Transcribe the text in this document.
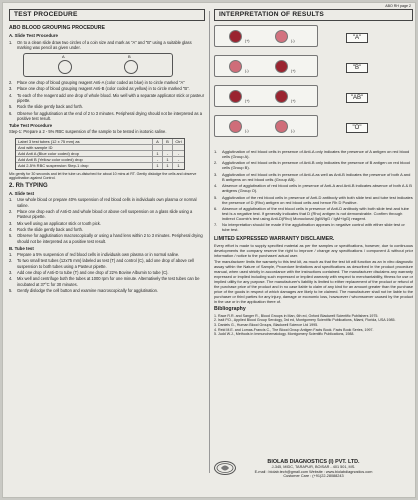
ABO RH page 2
TEST PROCEDURE
ABO BLOOD GROUPING PROCEDURE
A. Slide Test Procedure
1.	On to a clean slide draw two circles of a coin size and mark as "A" and "B" using a suitable glass marking wax pencil as given under.
A	B
2.	Place one drop of blood grouping reagent Anti-A (color coded as blue) in to circle marked "A"
3.	Place one drop of blood grouping reagent Anti-B (color coded as yellow) in to circle marked "B".
4.	To each of the reagent add one drop of whole blood. Mix well with a separate applicator stick or pasteur pipette.
5.	Rock the slide gently back and forth.
6.	Observe for agglutination at the end of 2 to 3 minutes. Peripheral drying should not be interpreted as a positive test result.
Tube Test Procedure
Step-1: Prepare a 2 - 5% RBC suspension of the sample to be tested in isotonic saline.
Label 3 test tubes (12 x 75 mm) as	A	B	Ctrl
And with sample ID
Add Anti A (Blue color coded) drop	1	-	-
Add Anti B (Yellow color coded) drop	-	1	-
Add 2-5% RBC suspension Step-1 drop	1	1	1
Mix gently for 30 seconds and let the tube un-disturbed for about 10 mins at RT. Gently dislodge the cells and observe agglutination against Control.
2. Rh TYPING
A. Slide test
1.	Use whole blood or prepare 40% suspension of red blood cells in individuals own plasma or normal saline.
2.	Place one drop each of Anti-D and whole blood or above cell suspension on a glass slide using a Pasteur pipette.
3.	Mix well using an applicator stick or tooth pick.
4.	Rock the slide gently back and forth.
5.	Observe for agglutination macroscopically or using a hand lens within 2 to 3 minutes. Peripheral drying should not be interpreted as a positive test result.
B. Tube test
1.	Prepare a 5% suspension of red blood cells in individuals own plasma or in normal saline.
2.	To two small test tubes (12x75 mm) labeled as test (T) and control (C), add one drop of above cell suspension to both tubes using a Pasteur pipette.
3.	Add one drop of Anti-D to tube (T) and one drop of 22% Bovine Albumin to tube (C).
4.	Mix well and centrifuge both the tubes at 1000 rpm for one minute. Alternatively the test tubes can be incubated at 37°C for 30 minutes.
5.	Gently dislodge the cell button and examine macroscopically for agglutination.
INTERPRETATION OF RESULTS
(+)	(-)	"A"
(-)	(+)	"B"
(+)	(+)	"AB"
(-)	(-)	"O"
1.	Agglutination of red blood cells in presence of Anti-A only indicates the presence of A antigen on red blood cells (Group A).
2.	Agglutination of red blood cells in presence of Anti-B only indicates the presence of B antigen on red blood cells (Group B).
3.	Agglutination of red blood cells in presence of Anti-A as well as Anti-B indicates the presence of both A and B antigens on red blood cells (Group AB).
4.	Absence of agglutination of red blood cells in presence of Anti-A and Anti-B indicates absence of both A & B antigens (Group O).
5.	Agglutination of the red blood cells in presence of Anti-D antibody with both slide test and tube test indicates the presence of D (Rho) antigen on red blood cells and hence Rh D Positive.
6.	Absence of agglutination of the red blood cells in presence of Anti-D antibody with both slide test and tube test is a negative test. If generally indicates that D (Rho) antigen is not demonstrable. Confirm through indirect Coomb's test using Anti-D(Rho) Monoclonal (IgM/IgG / IgM+IgG) reagent.
7.	No interpretation should be made if the agglutination appears in negative control with either slide test or tube test.
LIMITED EXPRESSED WARRANTY DISCLAIMER.
Every effort is made to supply specified material as per the samples or specifications, however, due to continuous developments the company reserve the right to improve / change any specifications / component & without prior information / notice to the purchaser/ actual user.
The manufacturer limits the warranty to this test kit, as much as that the test kit will function as an in vitro diagnostic assay within the Nature of Sample, Procedure limitations and specifications as described in the product procedure manual, when used strictly in accordance with the instructions contained. The manufacturer disclaims any warranty expressed or implied including such expressed or implied warranty with respect to merchantability, fitness for use or implied utility for any purpose. The manufacturer's liability is limited to either replacement of the product or refund of the purchase price of the product and in no case liable to claim of any kind for an amount greater than the purchase price of the goods in respect of which damages are likely to be claimed. The manufacturer shall not be liable to the purchaser or third parties for any injury, damage or economic loss, howsoever / whomsoever caused by the product in the use or in the application there of.
Bibliography
1. Race R.R. and Sanger R., Blood Groups in Man, 6th ed, Oxford Blackwell Scientific Publishers 1975.
2. Issit P.D., Applied Blood Group Serology, 3rd ed, Montgomery Scientific Publications, Miami, Florida, USA 1985.
3. Daniels G., Human Blood Groups, Blackwell Science Ltd 1995.
4. Reid M.E. and Lomas-Francis C., The Blood Group Antigen Facts Book. Facts Book Series, 1997.
5. Judd W.J., Methods in Immunohematology. Montgomery Scientific Publications, 1988.
BIOLAB DIAGNOSTICS (I) PVT. LTD.
J-345, MIDC, TARAPUR, BOISAR - 401 501, MS.
E-mail : biolab.tech@gmail.com Website : www.biolabdiagnostics.com
Customer Care : (+91)22-28088243
